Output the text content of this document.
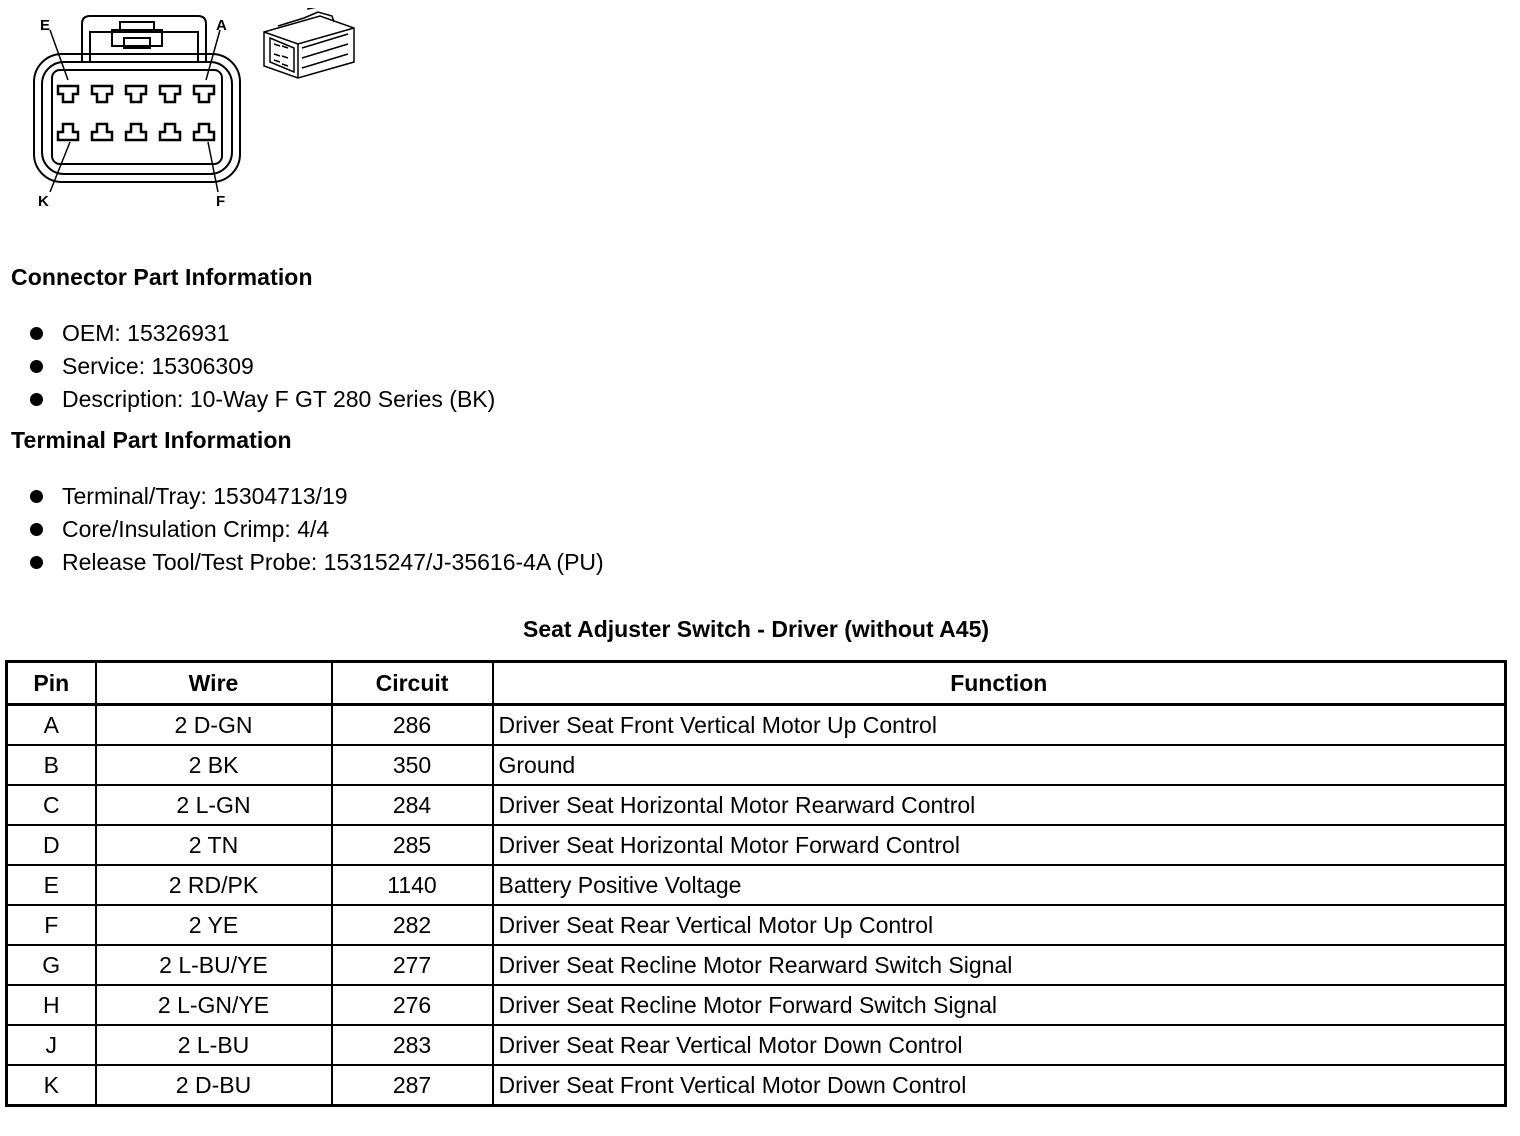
E	A
K	F
Connector Part Information
OEM: 15326931
Service: 15306309
Description: 10-Way F GT 280 Series (BK)
Terminal Part Information
Terminal/Tray: 15304713/19
Core/Insulation Crimp: 4/4
Release Tool/Test Probe: 15315247/J-35616-4A (PU)
Seat Adjuster Switch - Driver (without A45)
Pin	Wire	Circuit	Function
A	2 D-GN	286	Driver Seat Front Vertical Motor Up Control
B	2 BK	350	Ground
C	2 L-GN	284	Driver Seat Horizontal Motor Rearward Control
D	2 TN	285	Driver Seat Horizontal Motor Forward Control
E	2 RD/PK	1140	Battery Positive Voltage
F	2 YE	282	Driver Seat Rear Vertical Motor Up Control
G	2 L-BU/YE	277	Driver Seat Recline Motor Rearward Switch Signal
H	2 L-GN/YE	276	Driver Seat Recline Motor Forward Switch Signal
J	2 L-BU	283	Driver Seat Rear Vertical Motor Down Control
K	2 D-BU	287	Driver Seat Front Vertical Motor Down Control
